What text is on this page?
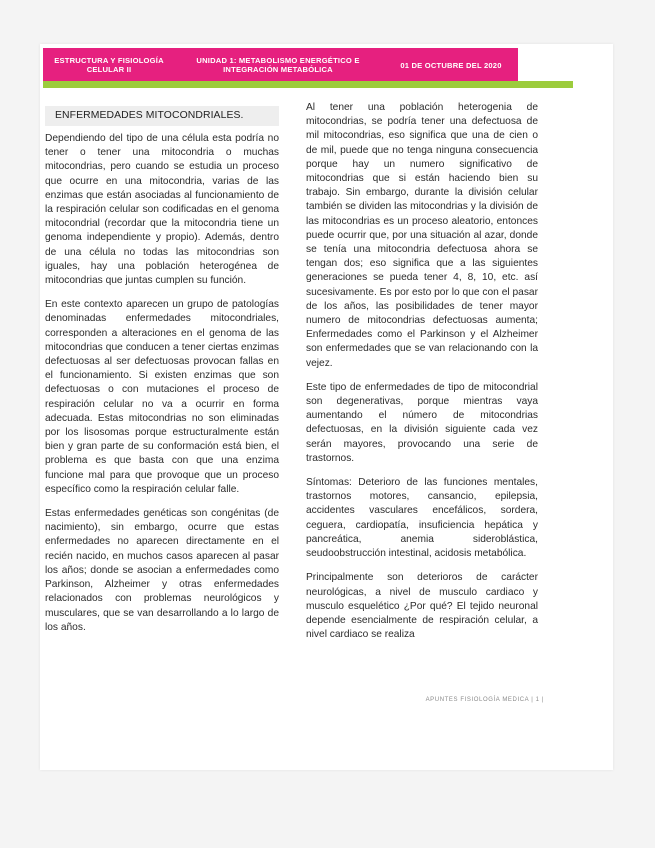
ESTRUCTURA Y FISIOLOGÍA CELULAR II
UNIDAD 1: METABOLISMO ENERGÉTICO E INTEGRACIÓN METABÓLICA	01 DE OCTUBRE DEL 2020
ENFERMEDADES MITOCONDRIALES.

Dependiendo del tipo de una célula esta podría no tener o tener una mitocondria o muchas mitocondrias, pero cuando se estudia un proceso que ocurre en una mitocondria, varias de las enzimas que están asociadas al funcionamiento de la respiración celular son codificadas en el genoma mitocondrial (recordar que la mitocondria tiene un genoma independiente y propio). Además, dentro de una célula no todas las mitocondrias son iguales, hay una población heterogénea de mitocondrias que juntas cumplen su función.

En este contexto aparecen un grupo de patologías denominadas enfermedades mitocondriales, corresponden a alteraciones en el genoma de las mitocondrias que conducen a tener ciertas enzimas defectuosas al ser defectuosas provocan fallas en el funcionamiento. Si existen enzimas que son defectuosas o con mutaciones el proceso de respiración celular no va a ocurrir en forma adecuada. Estas mitocondrias no son eliminadas por los lisosomas porque estructuralmente están bien y gran parte de su conformación está bien, el problema es que basta con que una enzima funcione mal para que provoque que un proceso específico como la respiración celular falle.

Estas enfermedades genéticas son congénitas (de nacimiento), sin embargo, ocurre que estas enfermedades no aparecen directamente en el recién nacido, en muchos casos aparecen al pasar los años; donde se asocian a enfermedades como Parkinson, Alzheimer y otras enfermedades relacionados con problemas neurológicos y musculares, que se van desarrollando a lo largo de los años.

Al tener una población heterogenia de mitocondrias, se podría tener una defectuosa de mil mitocondrias, eso significa que una de cien o de mil, puede que no tenga ninguna consecuencia porque hay un numero significativo de mitocondrias que si están haciendo bien su trabajo. Sin embargo, durante la división celular también se dividen las mitocondrias y la división de las mitocondrias es un proceso aleatorio, entonces puede ocurrir que, por una situación al azar, donde se tenía una mitocondria defectuosa ahora se tengan dos; eso significa que a las siguientes generaciones se pueda tener 4, 8, 10, etc. así sucesivamente. Es por esto por lo que con el pasar de los años, las posibilidades de tener mayor numero de mitocondrias defectuosas aumenta; Enfermedades como el Parkinson y el Alzheimer son enfermedades que se van relacionando con la vejez.

Este tipo de enfermedades de tipo de mitocondrial son degenerativas, porque mientras vaya aumentando el número de mitocondrias defectuosas, en la división siguiente cada vez serán mayores, provocando una serie de trastornos.

Síntomas: Deterioro de las funciones mentales, trastornos motores, cansancio, epilepsia, accidentes vasculares encefálicos, sordera, ceguera, cardiopatía, insuficiencia hepática y pancreática, anemia sideroblástica, seudoobstrucción intestinal, acidosis metabólica.

Principalmente son deterioros de carácter neurológicas, a nivel de musculo cardiaco y musculo esquelético ¿Por qué? El tejido neuronal depende esencialmente de respiración celular, a nivel cardiaco se realiza

APUNTES FISIOLOGÍA MEDICA | 1 |
